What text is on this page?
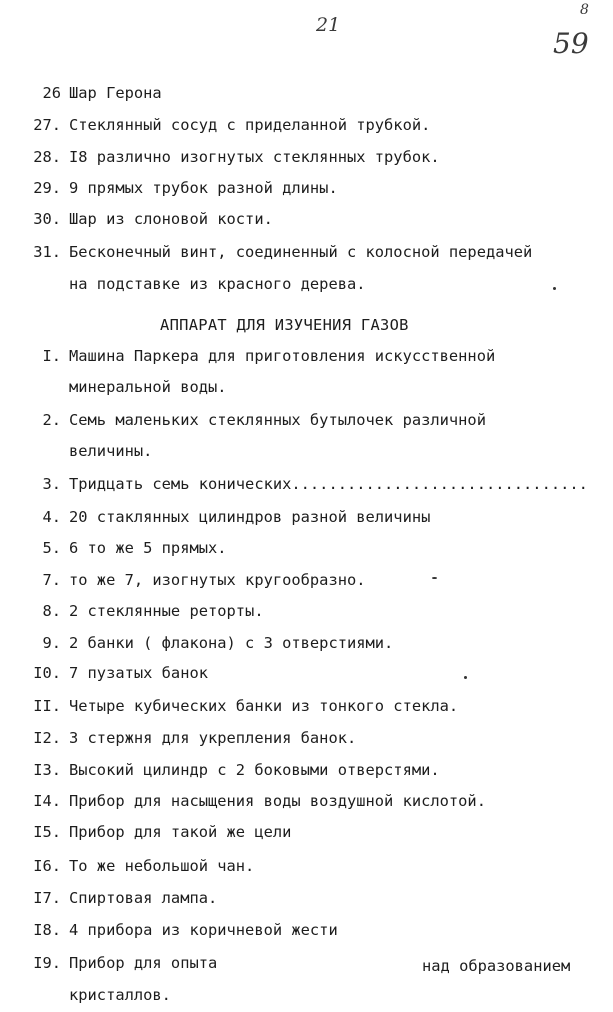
21
8
59
26 Шар Герона
27. Стеклянный сосуд с приделанной трубкой.
28. I8 различно изогнутых стеклянных трубок.
29. 9 прямых трубок разной длины.
30. Шар из слоновой кости.
31. Бесконечный винт, соединенный с колосной передачей
на подставке из красного дерева.
АППАРАТ ДЛЯ ИЗУЧЕНИЯ ГАЗОВ
I. Машина Паркера для приготовления искусственной
минеральной воды.
2. Семь маленьких стеклянных бутылочек различной
величины.
3. Тридцать семь конических................................
4. 20 стаклянных цилиндров разной величины
5. 6 то же 5 прямых.
7. то же 7, изогнутых кругообразно.
8. 2 стеклянные реторты.
9. 2 банки ( флакона) с 3 отверстиями.
I0. 7 пузатых банок
II. Четыре кубических банки из тонкого стекла.
I2. 3 стержня для укрепления банок.
I3. Высокий цилиндр с 2 боковыми отверстями.
I4. Прибор для насыщения воды воздушной кислотой.
I5. Прибор для такой же цели
I6. То же небольшой чан.
I7. Спиртовая лампа.
I8. 4 прибора из коричневой жести
I9. Прибор для опыта	над образованием
кристаллов.
